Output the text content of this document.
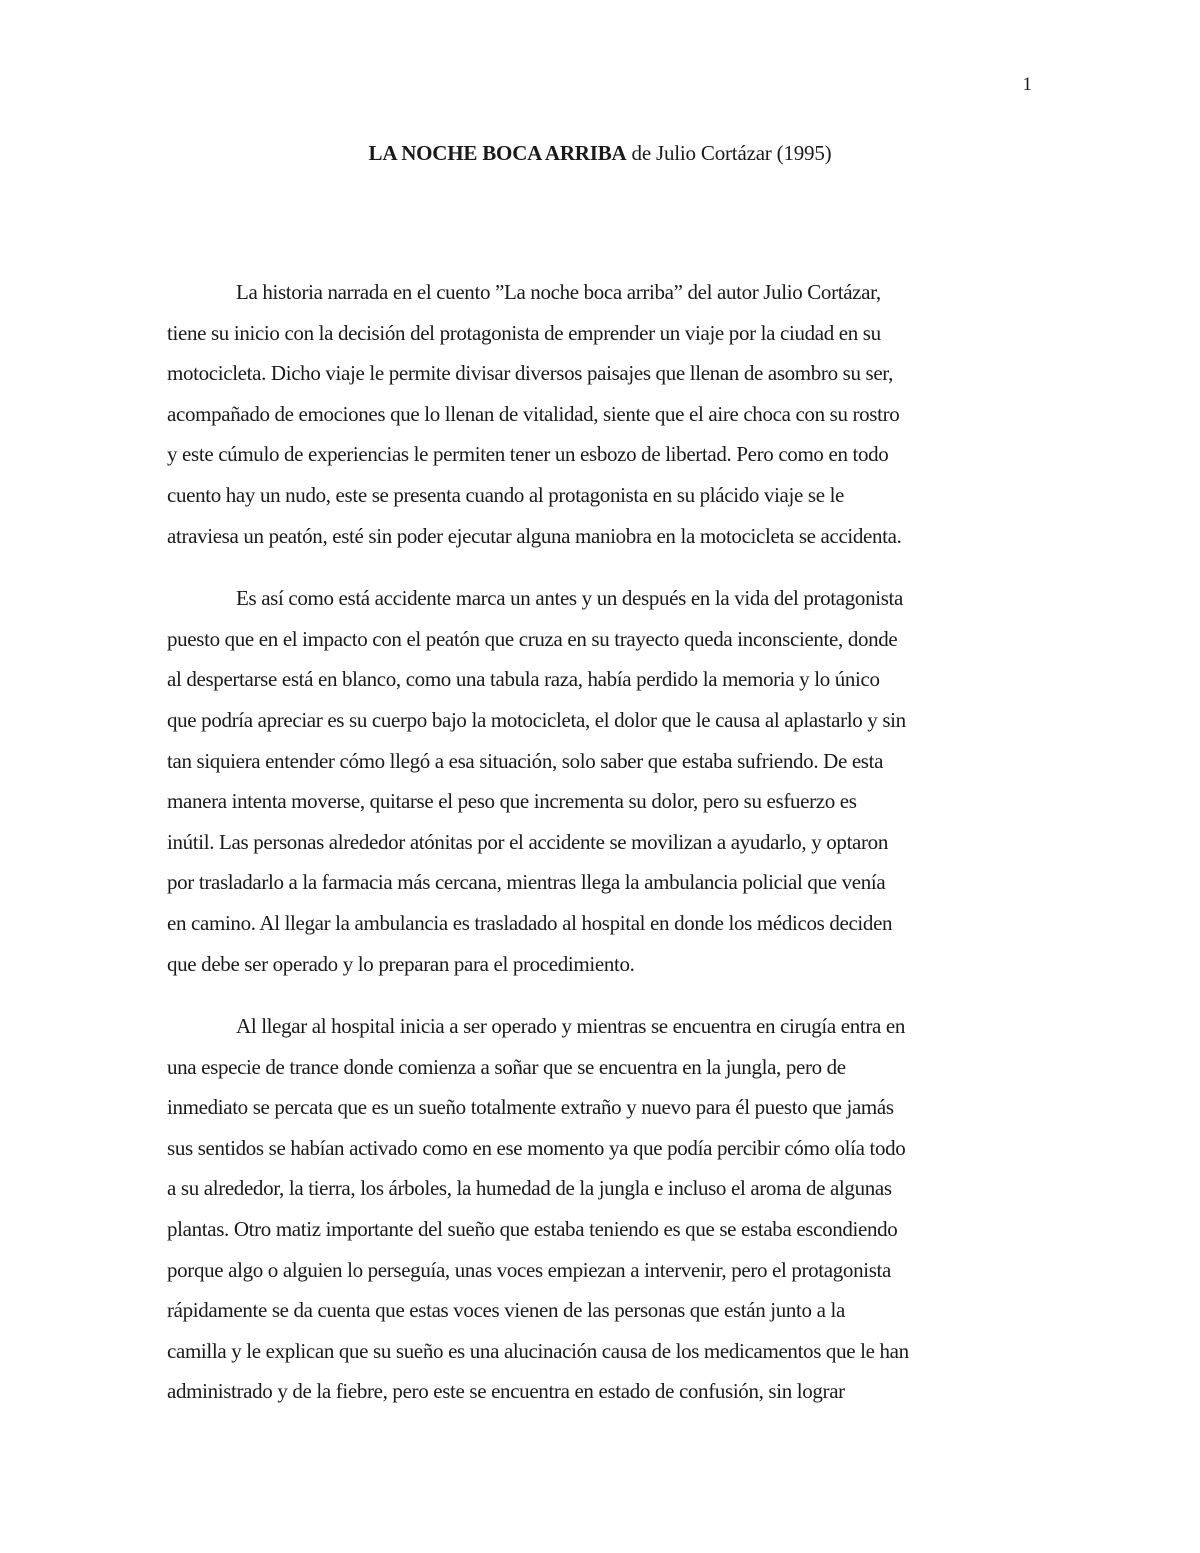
1
LA NOCHE BOCA ARRIBA de Julio Cortázar (1995)

La historia narrada en el cuento ”La noche boca arriba” del autor Julio Cortázar,
tiene su inicio con la decisión del protagonista de emprender un viaje por la ciudad en su
motocicleta. Dicho viaje le permite divisar diversos paisajes que llenan de asombro su ser,
acompañado de emociones que lo llenan de vitalidad, siente que el aire choca con su rostro
y este cúmulo de experiencias le permiten tener un esbozo de libertad. Pero como en todo
cuento hay un nudo, este se presenta cuando al protagonista en su plácido viaje se le
atraviesa un peatón, esté sin poder ejecutar alguna maniobra en la motocicleta se accidenta.

Es así como está accidente marca un antes y un después en la vida del protagonista
puesto que en el impacto con el peatón que cruza en su trayecto queda inconsciente, donde
al despertarse está en blanco, como una tabula raza, había perdido la memoria y lo único
que podría apreciar es su cuerpo bajo la motocicleta, el dolor que le causa al aplastarlo y sin
tan siquiera entender cómo llegó a esa situación, solo saber que estaba sufriendo. De esta
manera intenta moverse, quitarse el peso que incrementa su dolor, pero su esfuerzo es
inútil. Las personas alrededor atónitas por el accidente se movilizan a ayudarlo, y optaron
por trasladarlo a la farmacia más cercana, mientras llega la ambulancia policial que venía
en camino. Al llegar la ambulancia es trasladado al hospital en donde los médicos deciden
que debe ser operado y lo preparan para el procedimiento.

Al llegar al hospital inicia a ser operado y mientras se encuentra en cirugía entra en
una especie de trance donde comienza a soñar que se encuentra en la jungla, pero de
inmediato se percata que es un sueño totalmente extraño y nuevo para él puesto que jamás
sus sentidos se habían activado como en ese momento ya que podía percibir cómo olía todo
a su alrededor, la tierra, los árboles, la humedad de la jungla e incluso el aroma de algunas
plantas. Otro matiz importante del sueño que estaba teniendo es que se estaba escondiendo
porque algo o alguien lo perseguía, unas voces empiezan a intervenir, pero el protagonista
rápidamente se da cuenta que estas voces vienen de las personas que están junto a la
camilla y le explican que su sueño es una alucinación causa de los medicamentos que le han
administrado y de la fiebre, pero este se encuentra en estado de confusión, sin lograr
